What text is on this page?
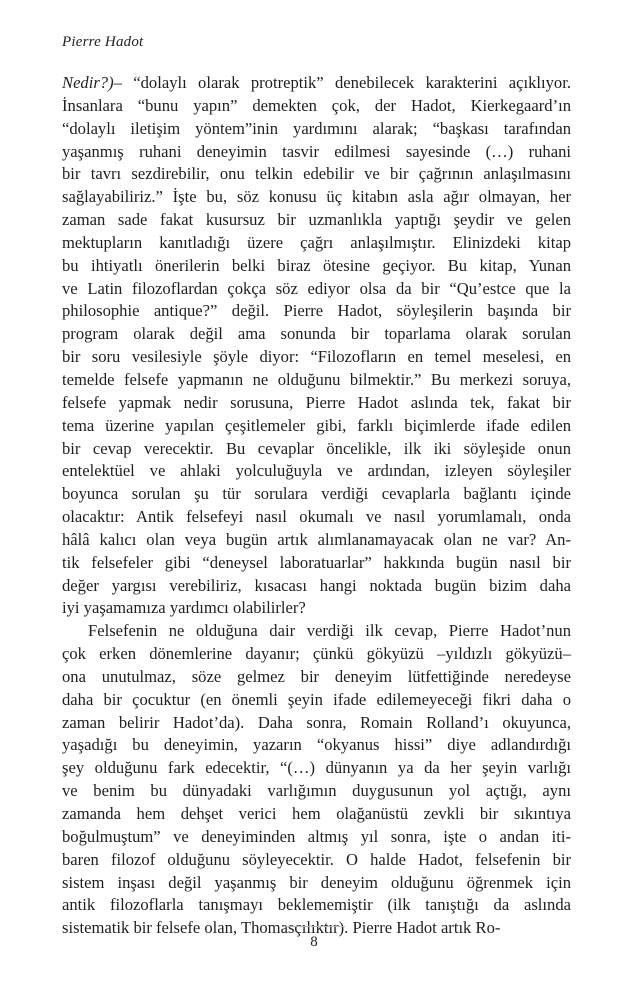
Pierre Hadot
Nedir?)– “dolaylı olarak protreptik” denebilecek karakterini açıklıyor.
İnsanlara “bunu yapın” demekten çok, der Hadot, Kierkegaard’ın
“dolaylı iletişim yöntem”inin yardımını alarak; “başkası tarafından
yaşanmış ruhani deneyimin tasvir edilmesi sayesinde (…) ruhani
bir tavrı sezdirebilir, onu telkin edebilir ve bir çağrının anlaşılmasını
sağlayabiliriz.” İşte bu, söz konusu üç kitabın asla ağır olmayan, her
zaman sade fakat kusursuz bir uzmanlıkla yaptığı şeydir ve gelen
mektupların kanıtladığı üzere çağrı anlaşılmıştır. Elinizdeki kitap
bu ihtiyatlı önerilerin belki biraz ötesine geçiyor. Bu kitap, Yunan
ve Latin filozoflardan çokça söz ediyor olsa da bir “Qu’estce que la
philosophie antique?” değil. Pierre Hadot, söyleşilerin başında bir
program olarak değil ama sonunda bir toparlama olarak sorulan
bir soru vesilesiyle şöyle diyor: “Filozofların en temel meselesi, en
temelde felsefe yapmanın ne olduğunu bilmektir.” Bu merkezi soruya,
felsefe yapmak nedir sorusuna, Pierre Hadot aslında tek, fakat bir
tema üzerine yapılan çeşitlemeler gibi, farklı biçimlerde ifade edilen
bir cevap verecektir. Bu cevaplar öncelikle, ilk iki söyleşide onun
entelektüel ve ahlaki yolculuğuyla ve ardından, izleyen söyleşiler
boyunca sorulan şu tür sorulara verdiği cevaplarla bağlantı içinde
olacaktır: Antik felsefeyi nasıl okumalı ve nasıl yorumlamalı, onda
hâlâ kalıcı olan veya bugün artık alımlanamayacak olan ne var? An-
tik felsefeler gibi “deneysel laboratuarlar” hakkında bugün nasıl bir
değer yargısı verebiliriz, kısacası hangi noktada bugün bizim daha
iyi yaşamamıza yardımcı olabilirler?
Felsefenin ne olduğuna dair verdiği ilk cevap, Pierre Hadot’nun
çok erken dönemlerine dayanır; çünkü gökyüzü –yıldızlı gökyüzü–
ona unutulmaz, söze gelmez bir deneyim lütfettiğinde neredeyse
daha bir çocuktur (en önemli şeyin ifade edilemeyeceği fikri daha o
zaman belirir Hadot’da). Daha sonra, Romain Rolland’ı okuyunca,
yaşadığı bu deneyimin, yazarın “okyanus hissi” diye adlandırdığı
şey olduğunu fark edecektir, “(…) dünyanın ya da her şeyin varlığı
ve benim bu dünyadaki varlığımın duygusunun yol açtığı, aynı
zamanda hem dehşet verici hem olağanüstü zevkli bir sıkıntıya
boğulmuştum” ve deneyiminden altmış yıl sonra, işte o andan iti-
baren filozof olduğunu söyleyecektir. O halde Hadot, felsefenin bir
sistem inşası değil yaşanmış bir deneyim olduğunu öğrenmek için
antik filozoflarla tanışmayı beklememiştir (ilk tanıştığı da aslında
sistematik bir felsefe olan, Thomasçılıktır). Pierre Hadot artık Ro-
8
